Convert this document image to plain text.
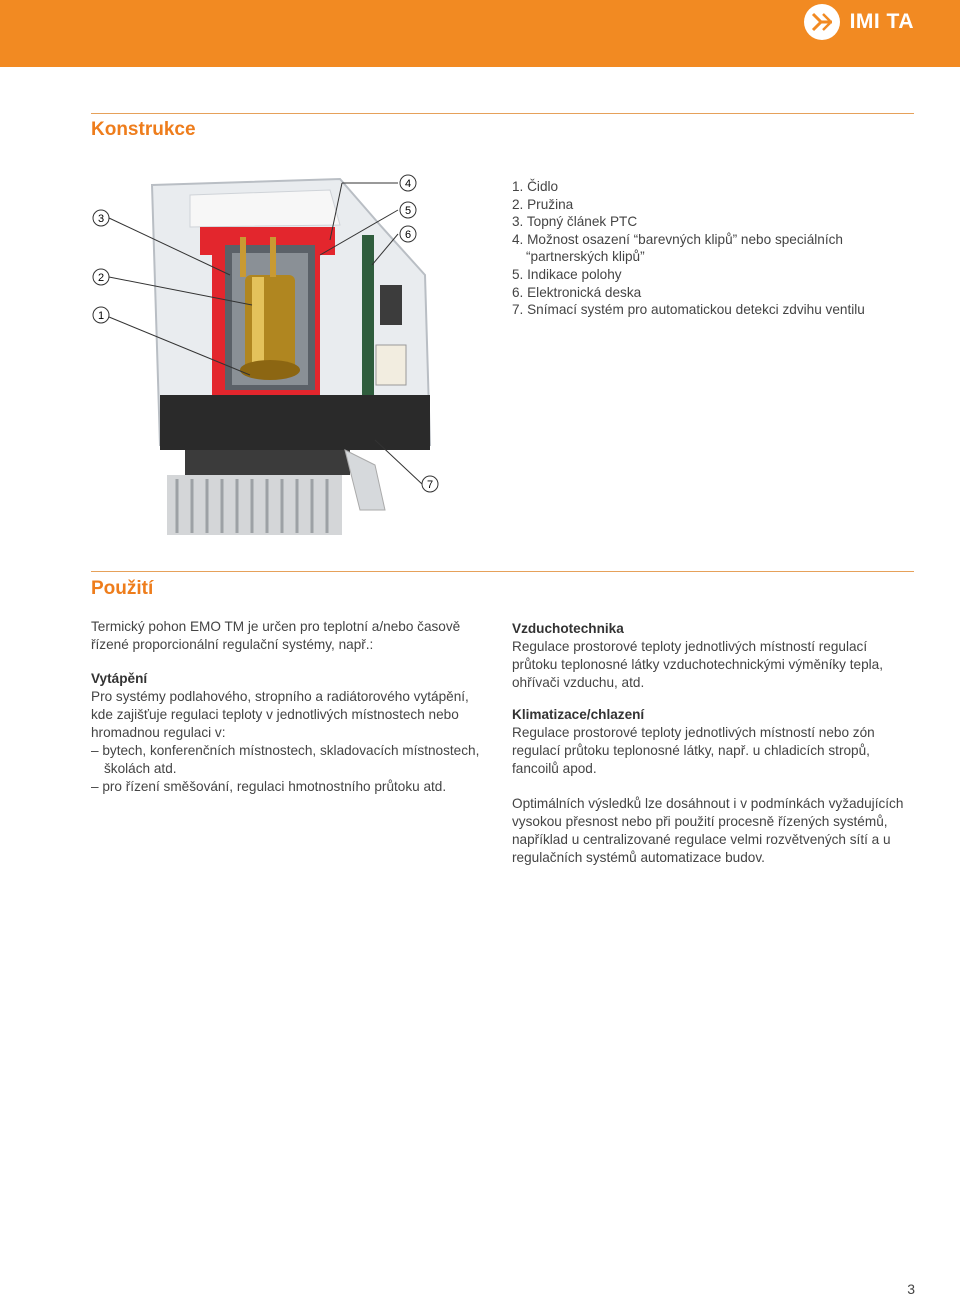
IMI TA
Konstrukce
1
2
3
4
5
6
7
1. Čidlo
2. Pružina
3. Topný článek PTC
4. Možnost osazení “barevných klipů” nebo speciálních
“partnerských klipů”
5. Indikace polohy
6. Elektronická deska
7. Snímací systém pro automatickou detekci zdvihu ventilu
Použití

Termický pohon EMO TM je určen pro teplotní a/nebo časově

řízené proporcionální regulační systémy, např.:

Vytápění

Pro systémy podlahového, stropního a radiátorového vytápění,

kde zajišťuje regulaci teploty v jednotlivých místnostech nebo

hromadnou regulaci v:

– bytech, konferenčních místnostech, skladovacích místnostech,

školách atd.

– pro řízení směšování, regulaci hmotnostního průtoku atd.

Vzduchotechnika

Regulace prostorové teploty jednotlivých místností regulací

průtoku teplonosné látky vzduchotechnickými výměníky tepla,

ohřívači vzduchu, atd.

Klimatizace/chlazení

Regulace prostorové teploty jednotlivých místností nebo zón

regulací průtoku teplonosné látky, např. u chladicích stropů,

fancoilů apod.

Optimálních výsledků lze dosáhnout i v podmínkách vyžadujících

vysokou přesnost nebo při použití procesně řízených systémů,

například u centralizované regulace velmi rozvětvených sítí a u

regulačních systémů automatizace budov.

3
